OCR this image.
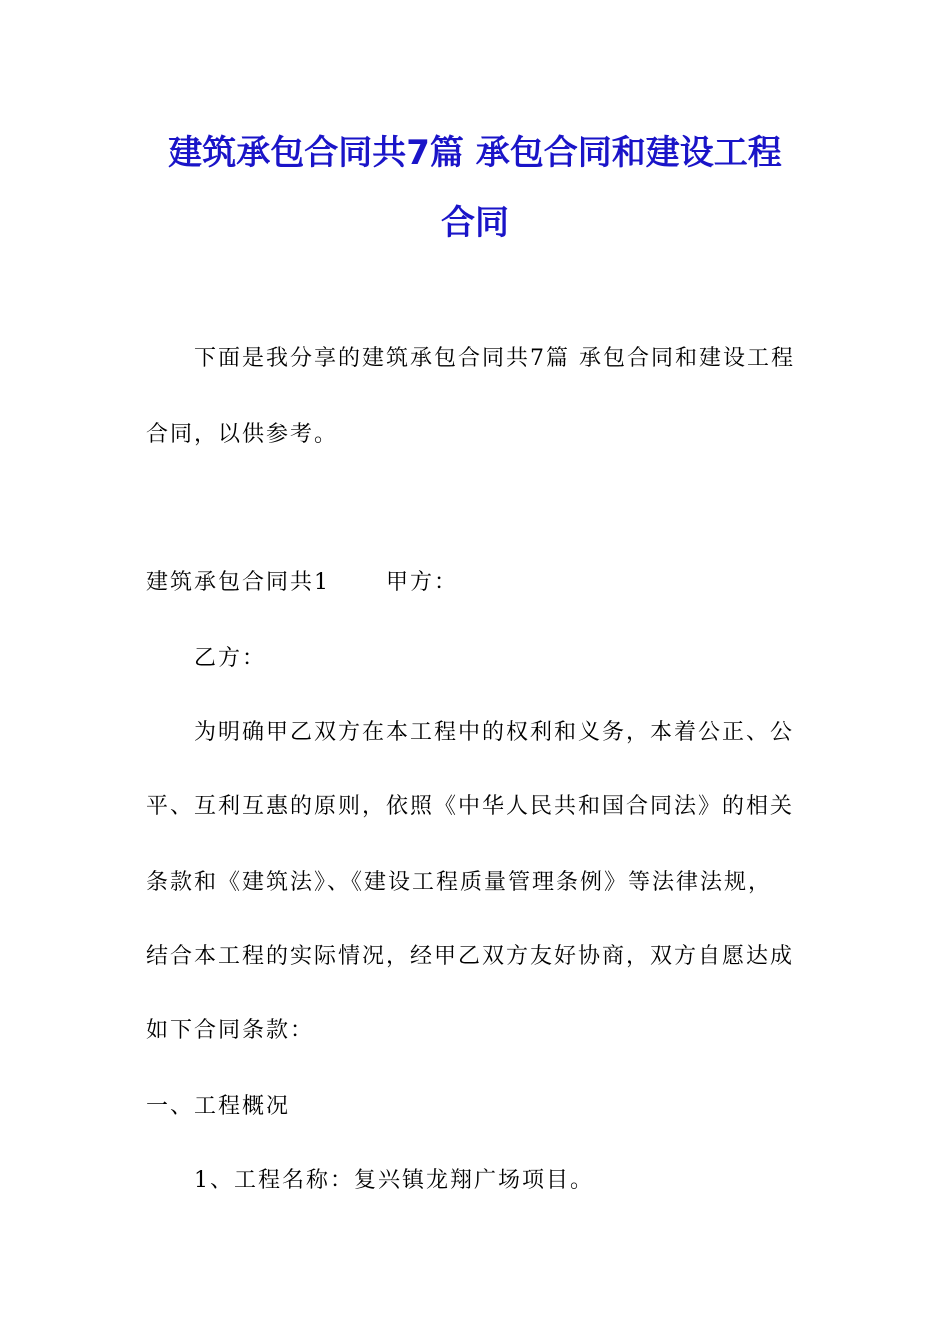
建筑承包合同共7篇 承包合同和建设工程
合同
下面是我分享的建筑承包合同共7篇 承包合同和建设工程
合同，以供参考。
建筑承包合同共1	甲方：
乙方：
为明确甲乙双方在本工程中的权利和义务，本着公正、公
平、互利互惠的原则，依照《中华人民共和国合同法》的相关
条款和《建筑法》、《建设工程质量管理条例》等法律法规，
结合本工程的实际情况，经甲乙双方友好协商，双方自愿达成
如下合同条款：
一、工程概况
1、工程名称：复兴镇龙翔广场项目。
